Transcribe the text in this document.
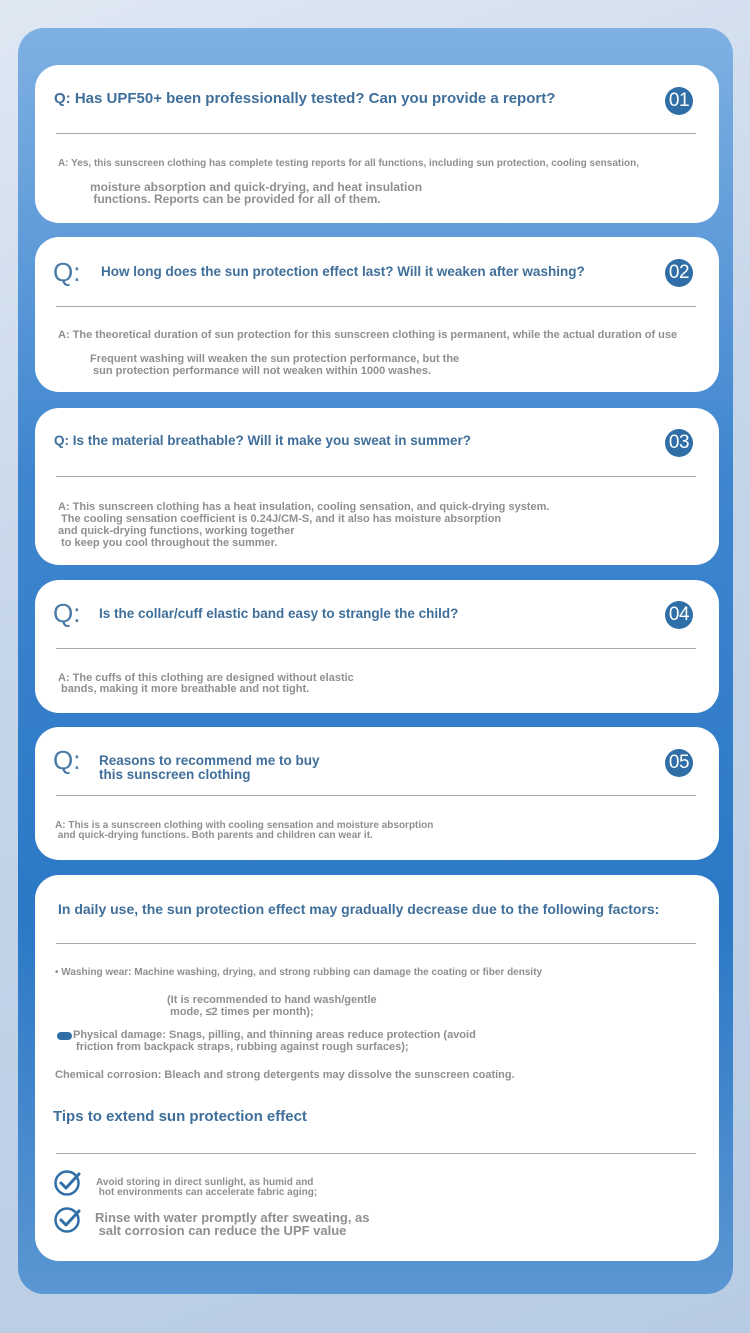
Q: Has UPF50+ been professionally tested? Can you provide a report?	01
A: Yes, this sunscreen clothing has complete testing reports for all functions, including sun protection, cooling sensation,
moisture absorption and quick-drying, and heat insulation
functions. Reports can be provided for all of them.
Q: How long does the sun protection effect last? Will it weaken after washing?	02
A: The theoretical duration of sun protection for this sunscreen clothing is permanent, while the actual duration of use
Frequent washing will weaken the sun protection performance, but the
sun protection performance will not weaken within 1000 washes.
Q: Is the material breathable? Will it make you sweat in summer?	03
A: This sunscreen clothing has a heat insulation, cooling sensation, and quick-drying system.
The cooling sensation coefficient is 0.24J/CM-S, and it also has moisture absorption
and quick-drying functions, working together
to keep you cool throughout the summer.
Q: Is the collar/cuff elastic band easy to strangle the child?	04
A: The cuffs of this clothing are designed without elastic
bands, making it more breathable and not tight.
Q: Reasons to recommend me to buy
this sunscreen clothing
05
A: This is a sunscreen clothing with cooling sensation and moisture absorption
and quick-drying functions. Both parents and children can wear it.
In daily use, the sun protection effect may gradually decrease due to the following factors:
• Washing wear: Machine washing, drying, and strong rubbing can damage the coating or fiber density
(It is recommended to hand wash/gentle
mode, ≤2 times per month);
Physical damage: Snags, pilling, and thinning areas reduce protection (avoid
friction from backpack straps, rubbing against rough surfaces);
Chemical corrosion: Bleach and strong detergents may dissolve the sunscreen coating.
Tips to extend sun protection effect
Avoid storing in direct sunlight, as humid and
hot environments can accelerate fabric aging;
Rinse with water promptly after sweating, as
salt corrosion can reduce the UPF value
